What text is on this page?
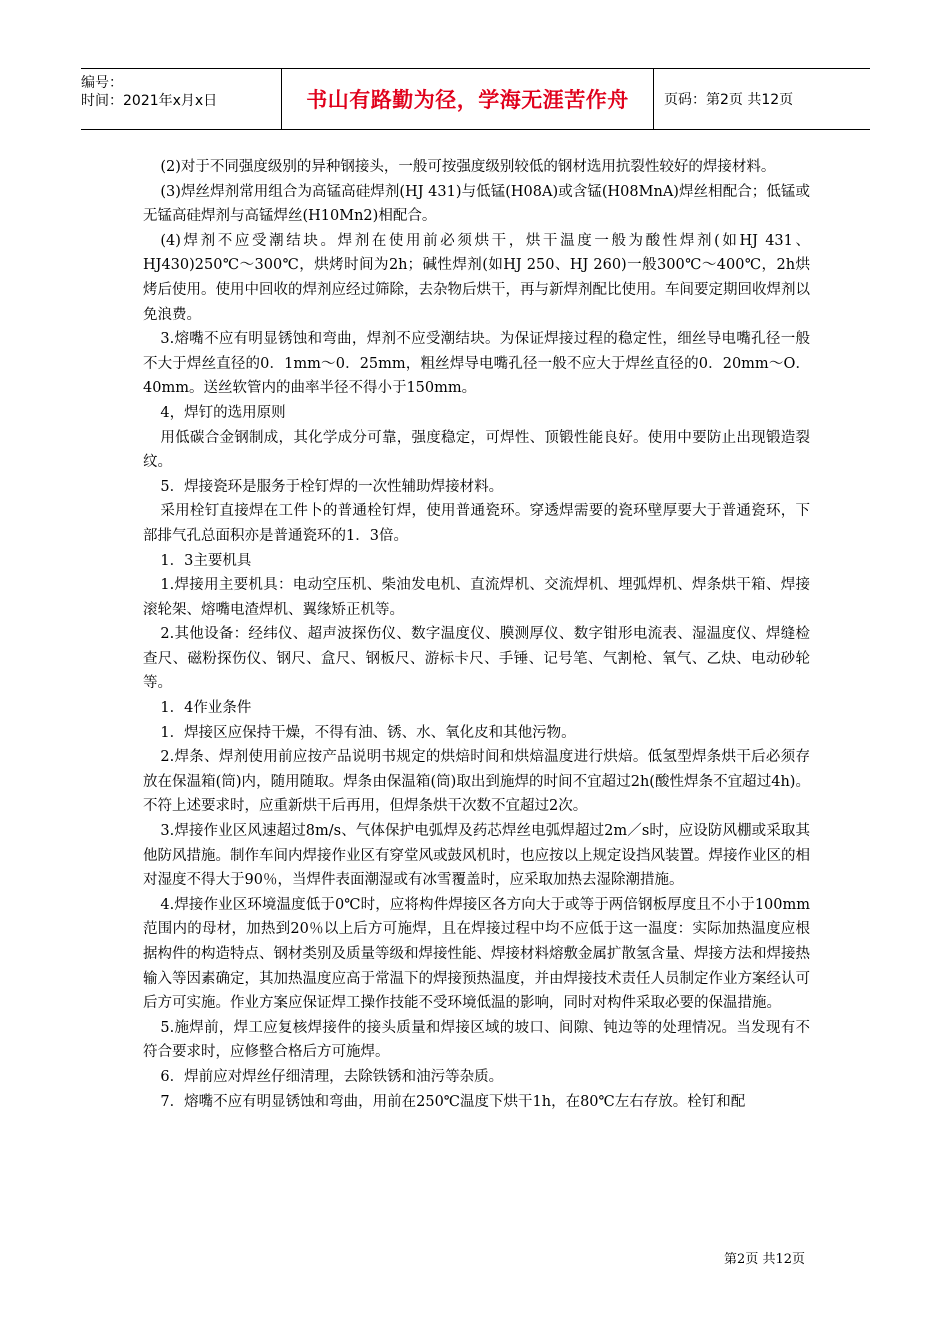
编号：
时间：2021年x月x日	书山有路勤为径，学海无涯苦作舟	页码：第2页 共12页

(2)对于不同强度级别的异种钢接头，一般可按强度级别较低的钢材选用抗裂性较好的焊接材料。

(3)焊丝焊剂常用组合为高锰高硅焊剂(HJ 431)与低锰(H08A)或含锰(H08MnA)焊丝相配合；低锰或无锰高硅焊剂与高锰焊丝(H10Mn2)相配合。

(4)焊剂不应受潮结块。焊剂在使用前必须烘干，烘干温度一般为酸性焊剂(如HJ 431、HJ430)250℃～300℃，烘烤时间为2h；碱性焊剂(如HJ 250、HJ 260)一般300℃～400℃，2h烘烤后使用。使用中回收的焊剂应经过筛除，去杂物后烘干，再与新焊剂配比使用。车间要定期回收焊剂以免浪费。

3.熔嘴不应有明显锈蚀和弯曲，焊剂不应受潮结块。为保证焊接过程的稳定性，细丝导电嘴孔径一般不大于焊丝直径的0．1mm～0．25mm，粗丝焊导电嘴孔径一般不应大于焊丝直径的0．20mm～O．40mm。送丝软管内的曲率半径不得小于150mm。

4，焊钉的选用原则

用低碳合金钢制成，其化学成分可靠，强度稳定，可焊性、顶锻性能良好。使用中要防止出现锻造裂纹。

5．焊接瓷环是服务于栓钉焊的一次性辅助焊接材料。

采用栓钉直接焊在工件卜的普通栓钉焊，使用普通瓷环。穿透焊需要的瓷环壁厚要大于普通瓷环，下部排气孔总面积亦是普通瓷环的1．3倍。

1．3主要机具

1.焊接用主要机具：电动空压机、柴油发电机、直流焊机、交流焊机、埋弧焊机、焊条烘干箱、焊接滚轮架、熔嘴电渣焊机、翼缘矫正机等。

2.其他设备：经纬仪、超声波探伤仪、数字温度仪、膜测厚仪、数字钳形电流表、湿温度仪、焊缝检查尺、磁粉探伤仪、钢尺、盒尺、钢板尺、游标卡尺、手锤、记号笔、气割枪、氧气、乙炔、电动砂轮等。

1．4作业条件

1．焊接区应保持干燥，不得有油、锈、水、氧化皮和其他污物。

2.焊条、焊剂使用前应按产品说明书规定的烘焙时间和烘焙温度进行烘焙。低氢型焊条烘干后必须存放在保温箱(筒)内，随用随取。焊条由保温箱(筒)取出到施焊的时间不宜超过2h(酸性焊条不宜超过4h)。不符上述要求时，应重新烘干后再用，但焊条烘干次数不宜超过2次。

3.焊接作业区风速超过8m/s、气体保护电弧焊及药芯焊丝电弧焊超过2m／s时，应设防风棚或采取其他防风措施。制作车间内焊接作业区有穿堂风或鼓风机时，也应按以上规定设挡风装置。焊接作业区的相对湿度不得大于90％，当焊件表面潮湿或有冰雪覆盖时，应采取加热去湿除潮措施。

4.焊接作业区环境温度低于0℃时，应将构件焊接区各方向大于或等于两倍钢板厚度且不小于100mm范围内的母材，加热到20％以上后方可施焊，且在焊接过程中均不应低于这一温度：实际加热温度应根据构件的构造特点、钢材类别及质量等级和焊接性能、焊接材料熔敷金属扩散氢含量、焊接方法和焊接热输入等因素确定，其加热温度应高于常温下的焊接预热温度，并由焊接技术责任人员制定作业方案经认可后方可实施。作业方案应保证焊工操作技能不受环境低温的影响，同时对构件采取必要的保温措施。

5.施焊前，焊工应复核焊接件的接头质量和焊接区域的坡口、间隙、钝边等的处理情况。当发现有不符合要求时，应修整合格后方可施焊。

6．焊前应对焊丝仔细清理，去除铁锈和油污等杂质。

7．熔嘴不应有明显锈蚀和弯曲，用前在250℃温度下烘干1h，在80℃左右存放。栓钉和配

第2页 共12页
